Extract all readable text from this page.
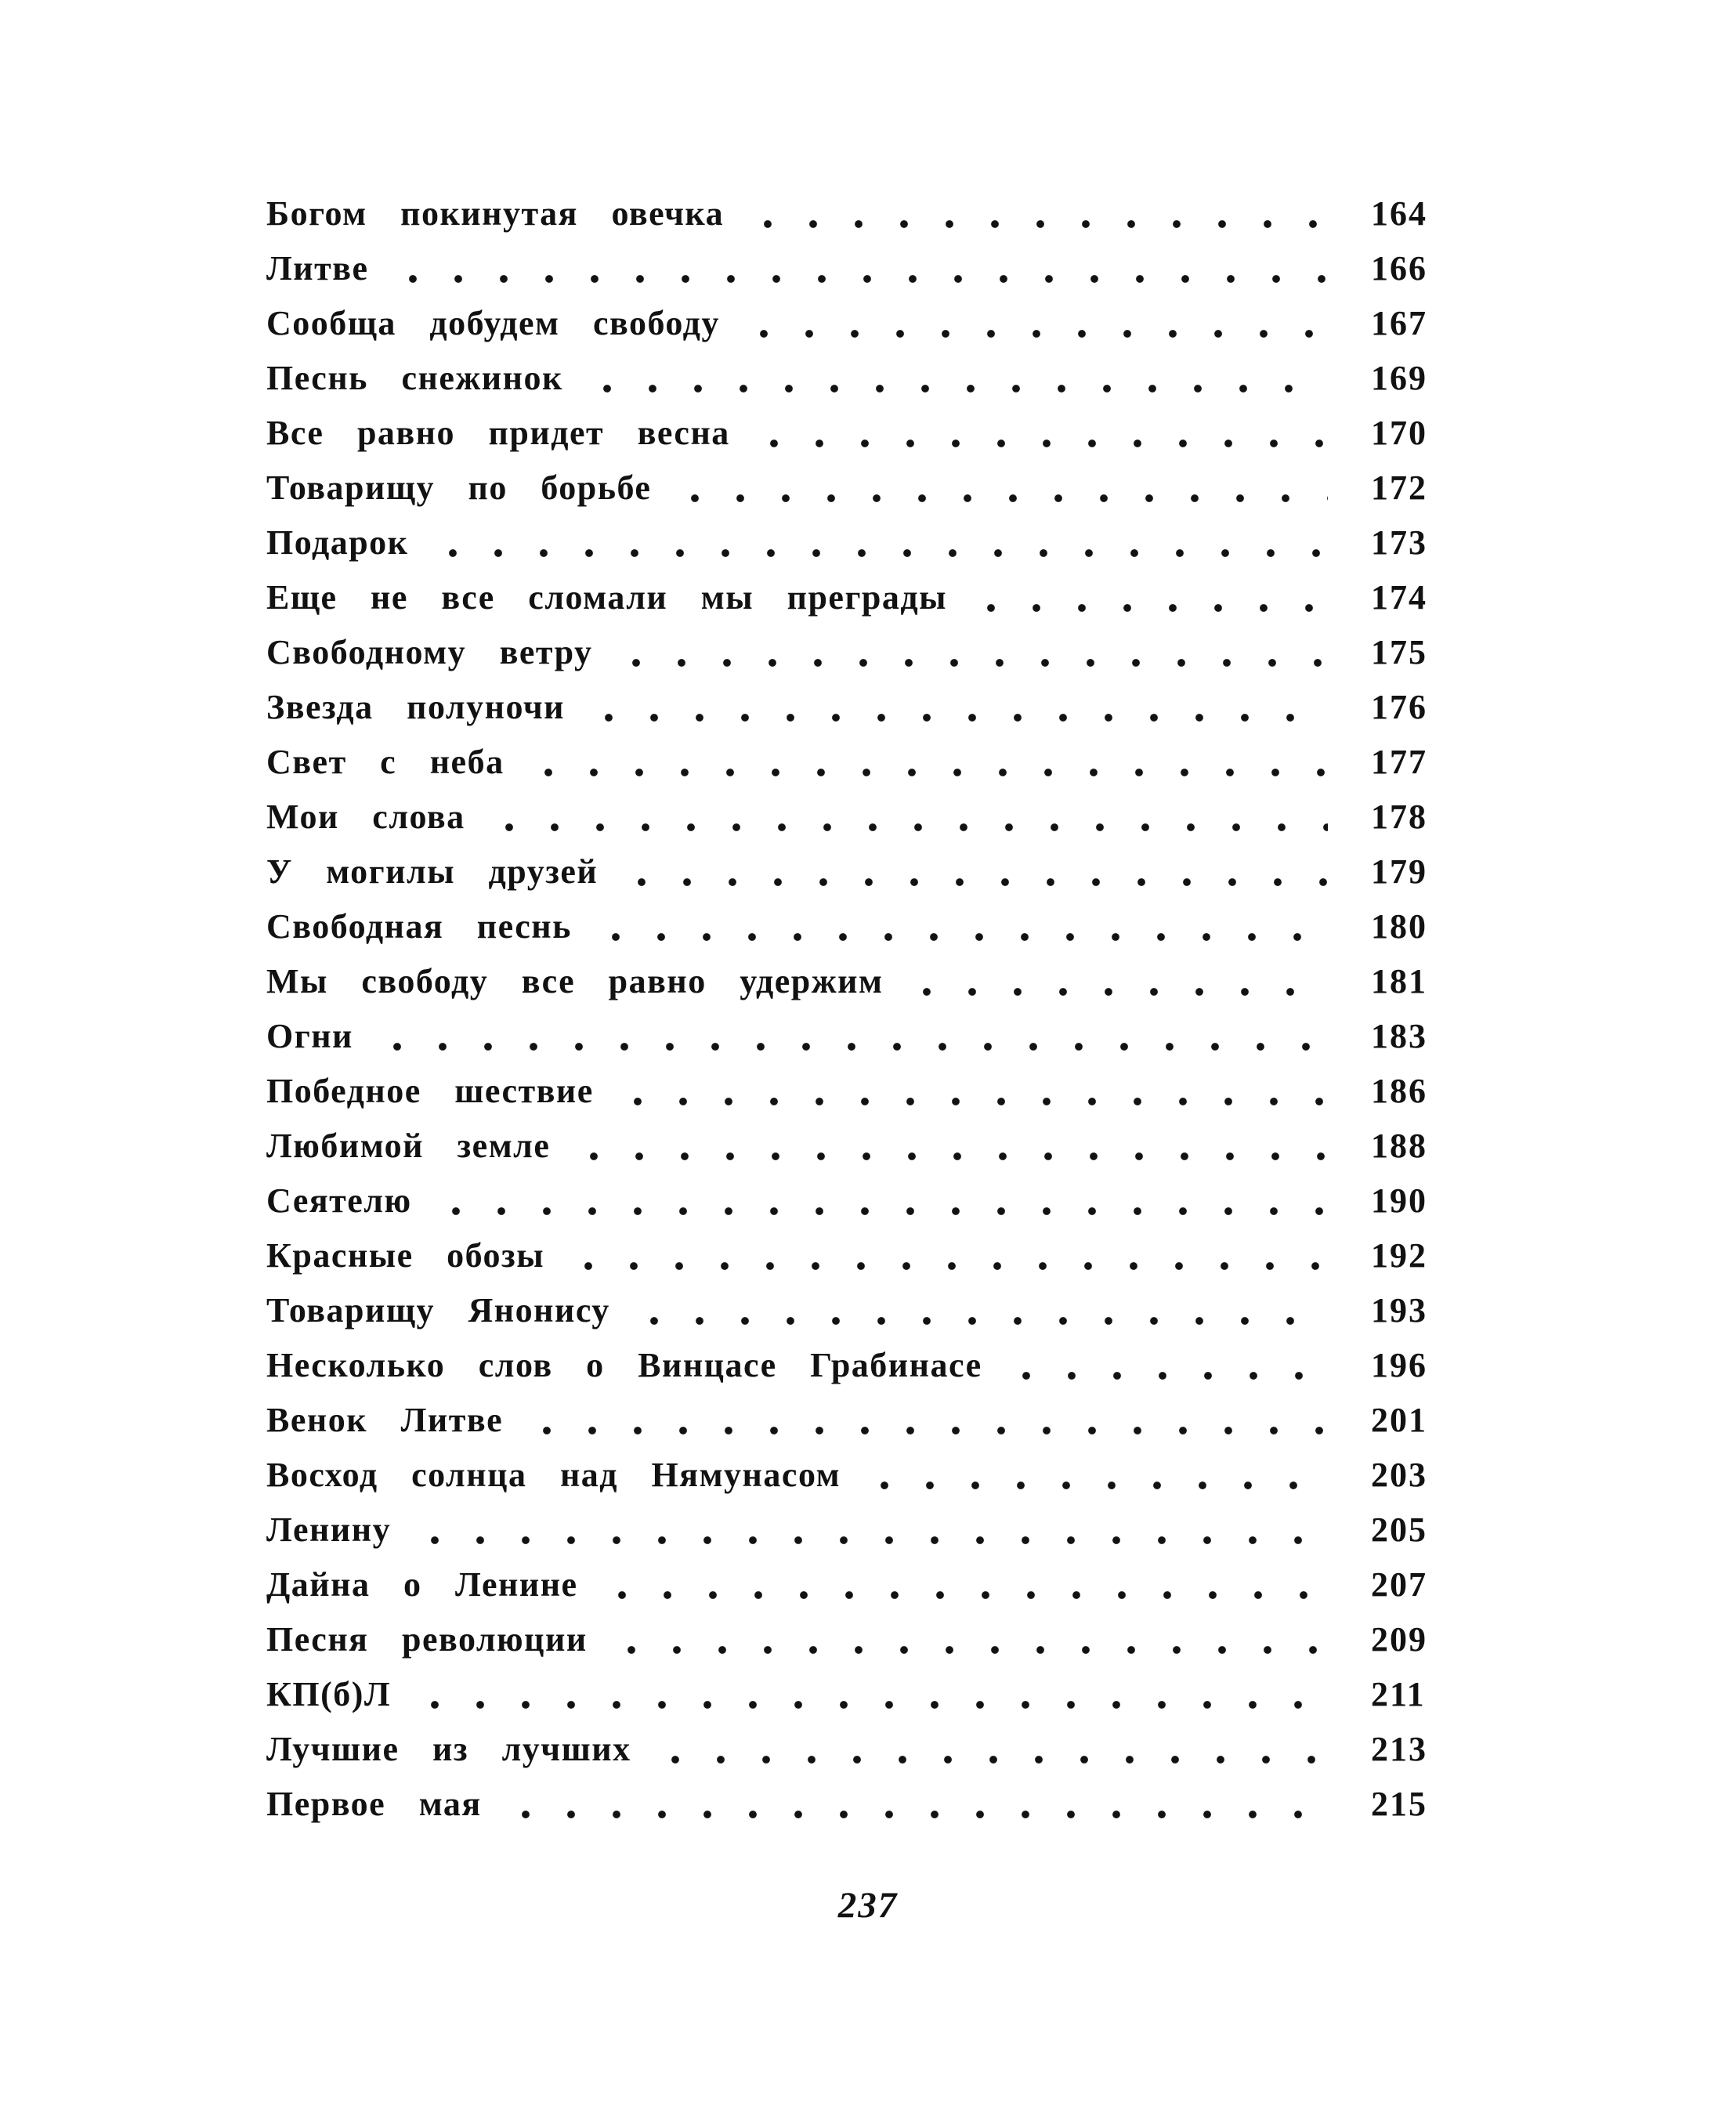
Богом покинутая овечка	164
Литве	166
Сообща добудем свободу	167
Песнь снежинок	169
Все равно придет весна	170
Товарищу по борьбе	172
Подарок	173
Еще не все сломали мы преграды	174
Свободному ветру	175
Звезда полуночи	176
Свет с неба	177
Мои слова	178
У могилы друзей	179
Свободная песнь	180
Мы свободу все равно удержим	181
Огни	183
Победное шествие	186
Любимой земле	188
Сеятелю	190
Красные обозы	192
Товарищу Янонису	193
Несколько слов о Винцасе Грабинасе	196
Венок Литве	201
Восход солнца над Нямунасом	203
Ленину	205
Дайна о Ленине	207
Песня революции	209
КП(б)Л	211
Лучшие из лучших	213
Первое мая	215
237
